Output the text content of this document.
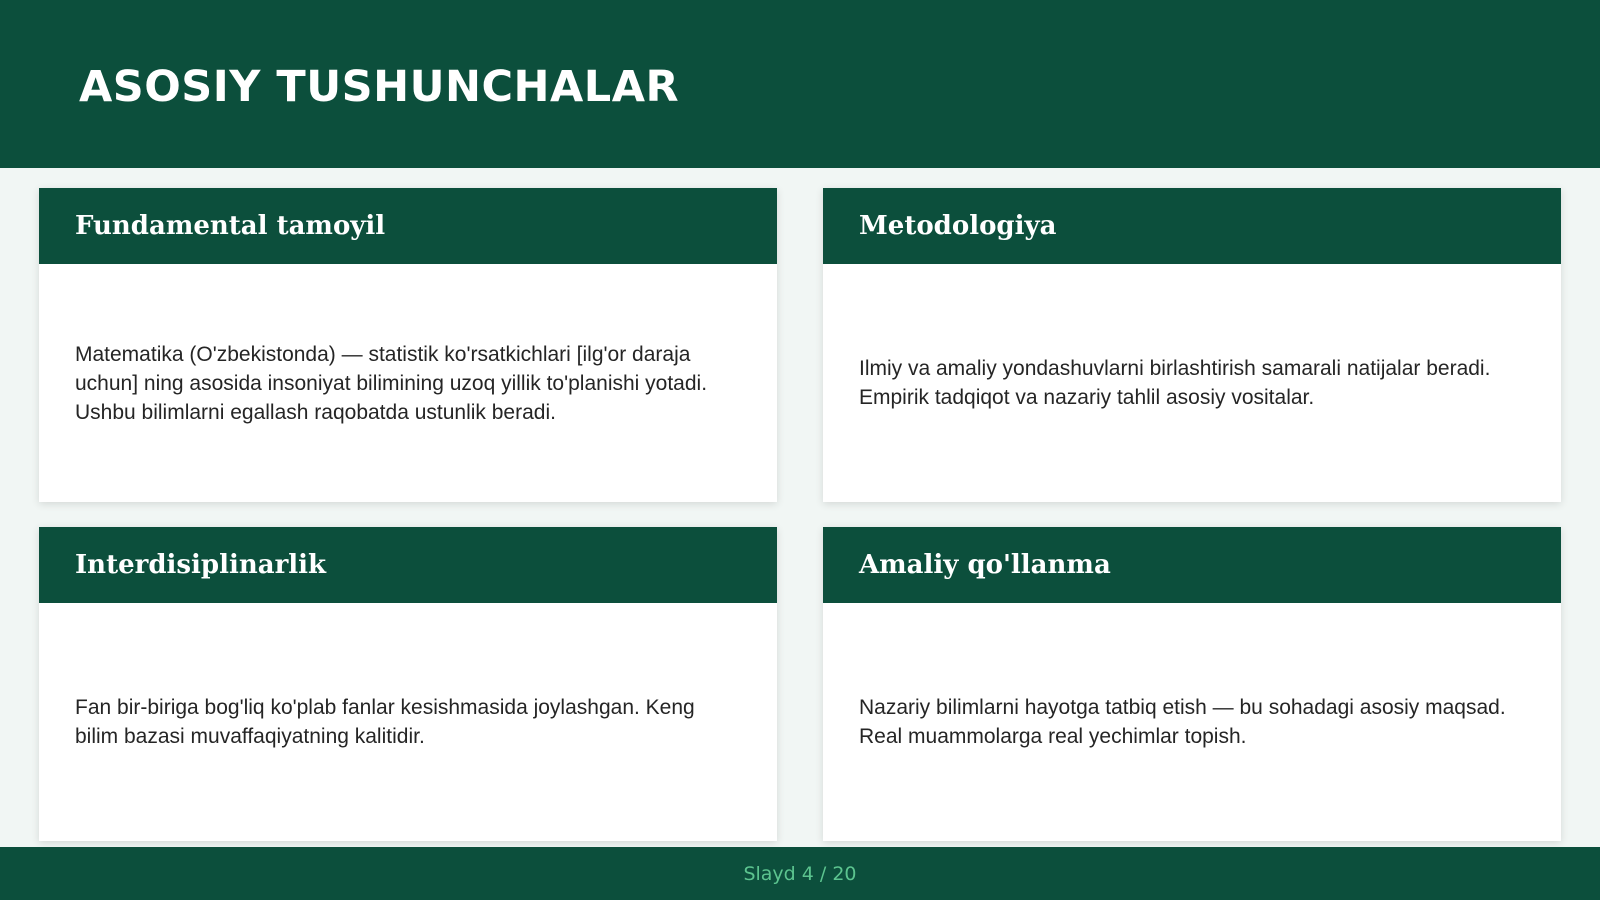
ASOSIY TUSHUNCHALAR
Fundamental tamoyil

Matematika (O'zbekistonda) — statistik ko'rsatkichlari [ilg'or daraja uchun] ning asosida insoniyat bilimining uzoq yillik to'planishi yotadi. Ushbu bilimlarni egallash raqobatda ustunlik beradi.

Metodologiya

Ilmiy va amaliy yondashuvlarni birlashtirish samarali natijalar beradi. Empirik tadqiqot va nazariy tahlil asosiy vositalar.

Interdisiplinarlik

Fan bir-biriga bog'liq ko'plab fanlar kesishmasida joylashgan. Keng bilim bazasi muvaffaqiyatning kalitidir.

Amaliy qo'llanma

Nazariy bilimlarni hayotga tatbiq etish — bu sohadagi asosiy maqsad. Real muammolarga real yechimlar topish.

Slayd 4 / 20
